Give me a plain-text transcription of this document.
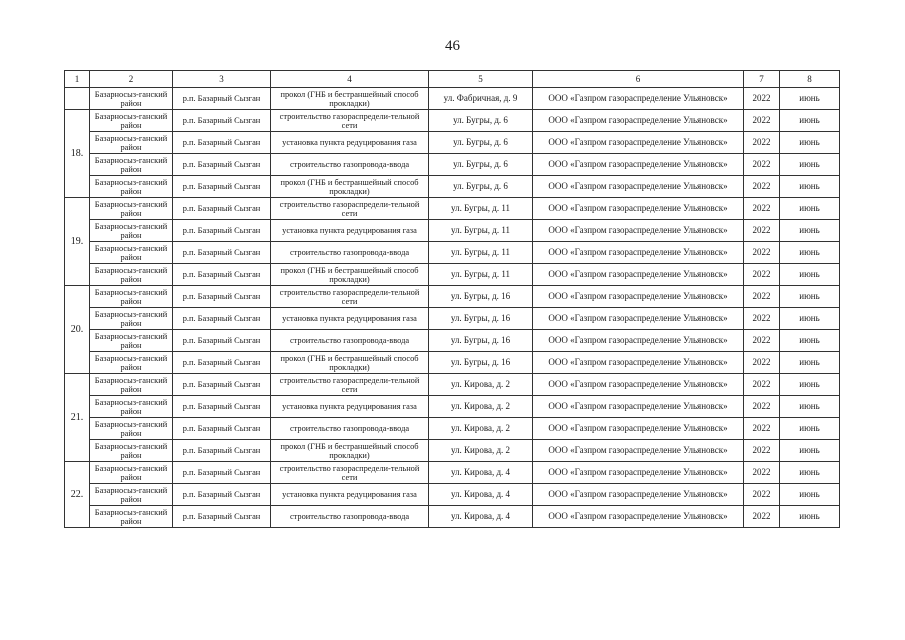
46
1	2	3	4	5	6	7	8
	Базарносыз-ганский район	р.п. Базарный Сызган	прокол (ГНБ и бестраншейный способ прокладки)	ул. Фабричная, д. 9	ООО «Газпром газораспределение Ульяновск»	2022	июнь
18.	Базарносыз-ганский район	р.п. Базарный Сызган	строительство газораспредели-тельной сети	ул. Бугры, д. 6	ООО «Газпром газораспределение Ульяновск»	2022	июнь
	Базарносыз-ганский район	р.п. Базарный Сызган	установка пункта редуцирования газа	ул. Бугры, д. 6	ООО «Газпром газораспределение Ульяновск»	2022	июнь
	Базарносыз-ганский район	р.п. Базарный Сызган	строительство газопровода-ввода	ул. Бугры, д. 6	ООО «Газпром газораспределение Ульяновск»	2022	июнь
	Базарносыз-ганский район	р.п. Базарный Сызган	прокол (ГНБ и бестраншейный способ прокладки)	ул. Бугры, д. 6	ООО «Газпром газораспределение Ульяновск»	2022	июнь
19.	Базарносыз-ганский район	р.п. Базарный Сызган	строительство газораспредели-тельной сети	ул. Бугры, д. 11	ООО «Газпром газораспределение Ульяновск»	2022	июнь
	Базарносыз-ганский район	р.п. Базарный Сызган	установка пункта редуцирования газа	ул. Бугры, д. 11	ООО «Газпром газораспределение Ульяновск»	2022	июнь
	Базарносыз-ганский район	р.п. Базарный Сызган	строительство газопровода-ввода	ул. Бугры, д. 11	ООО «Газпром газораспределение Ульяновск»	2022	июнь
	Базарносыз-ганский район	р.п. Базарный Сызган	прокол (ГНБ и бестраншейный способ прокладки)	ул. Бугры, д. 11	ООО «Газпром газораспределение Ульяновск»	2022	июнь
20.	Базарносыз-ганский район	р.п. Базарный Сызган	строительство газораспредели-тельной сети	ул. Бугры, д. 16	ООО «Газпром газораспределение Ульяновск»	2022	июнь
	Базарносыз-ганский район	р.п. Базарный Сызган	установка пункта редуцирования газа	ул. Бугры, д. 16	ООО «Газпром газораспределение Ульяновск»	2022	июнь
	Базарносыз-ганский район	р.п. Базарный Сызган	строительство газопровода-ввода	ул. Бугры, д. 16	ООО «Газпром газораспределение Ульяновск»	2022	июнь
	Базарносыз-ганский район	р.п. Базарный Сызган	прокол (ГНБ и бестраншейный способ прокладки)	ул. Бугры, д. 16	ООО «Газпром газораспределение Ульяновск»	2022	июнь
21.	Базарносыз-ганский район	р.п. Базарный Сызган	строительство газораспредели-тельной сети	ул. Кирова, д. 2	ООО «Газпром газораспределение Ульяновск»	2022	июнь
	Базарносыз-ганский район	р.п. Базарный Сызган	установка пункта редуцирования газа	ул. Кирова, д. 2	ООО «Газпром газораспределение Ульяновск»	2022	июнь
	Базарносыз-ганский район	р.п. Базарный Сызган	строительство газопровода-ввода	ул. Кирова, д. 2	ООО «Газпром газораспределение Ульяновск»	2022	июнь
	Базарносыз-ганский район	р.п. Базарный Сызган	прокол (ГНБ и бестраншейный способ прокладки)	ул. Кирова, д. 2	ООО «Газпром газораспределение Ульяновск»	2022	июнь
22.	Базарносыз-ганский район	р.п. Базарный Сызган	строительство газораспредели-тельной сети	ул. Кирова, д. 4	ООО «Газпром газораспределение Ульяновск»	2022	июнь
	Базарносыз-ганский район	р.п. Базарный Сызган	установка пункта редуцирования газа	ул. Кирова, д. 4	ООО «Газпром газораспределение Ульяновск»	2022	июнь
	Базарносыз-ганский район	р.п. Базарный Сызган	строительство газопровода-ввода	ул. Кирова, д. 4	ООО «Газпром газораспределение Ульяновск»	2022	июнь
